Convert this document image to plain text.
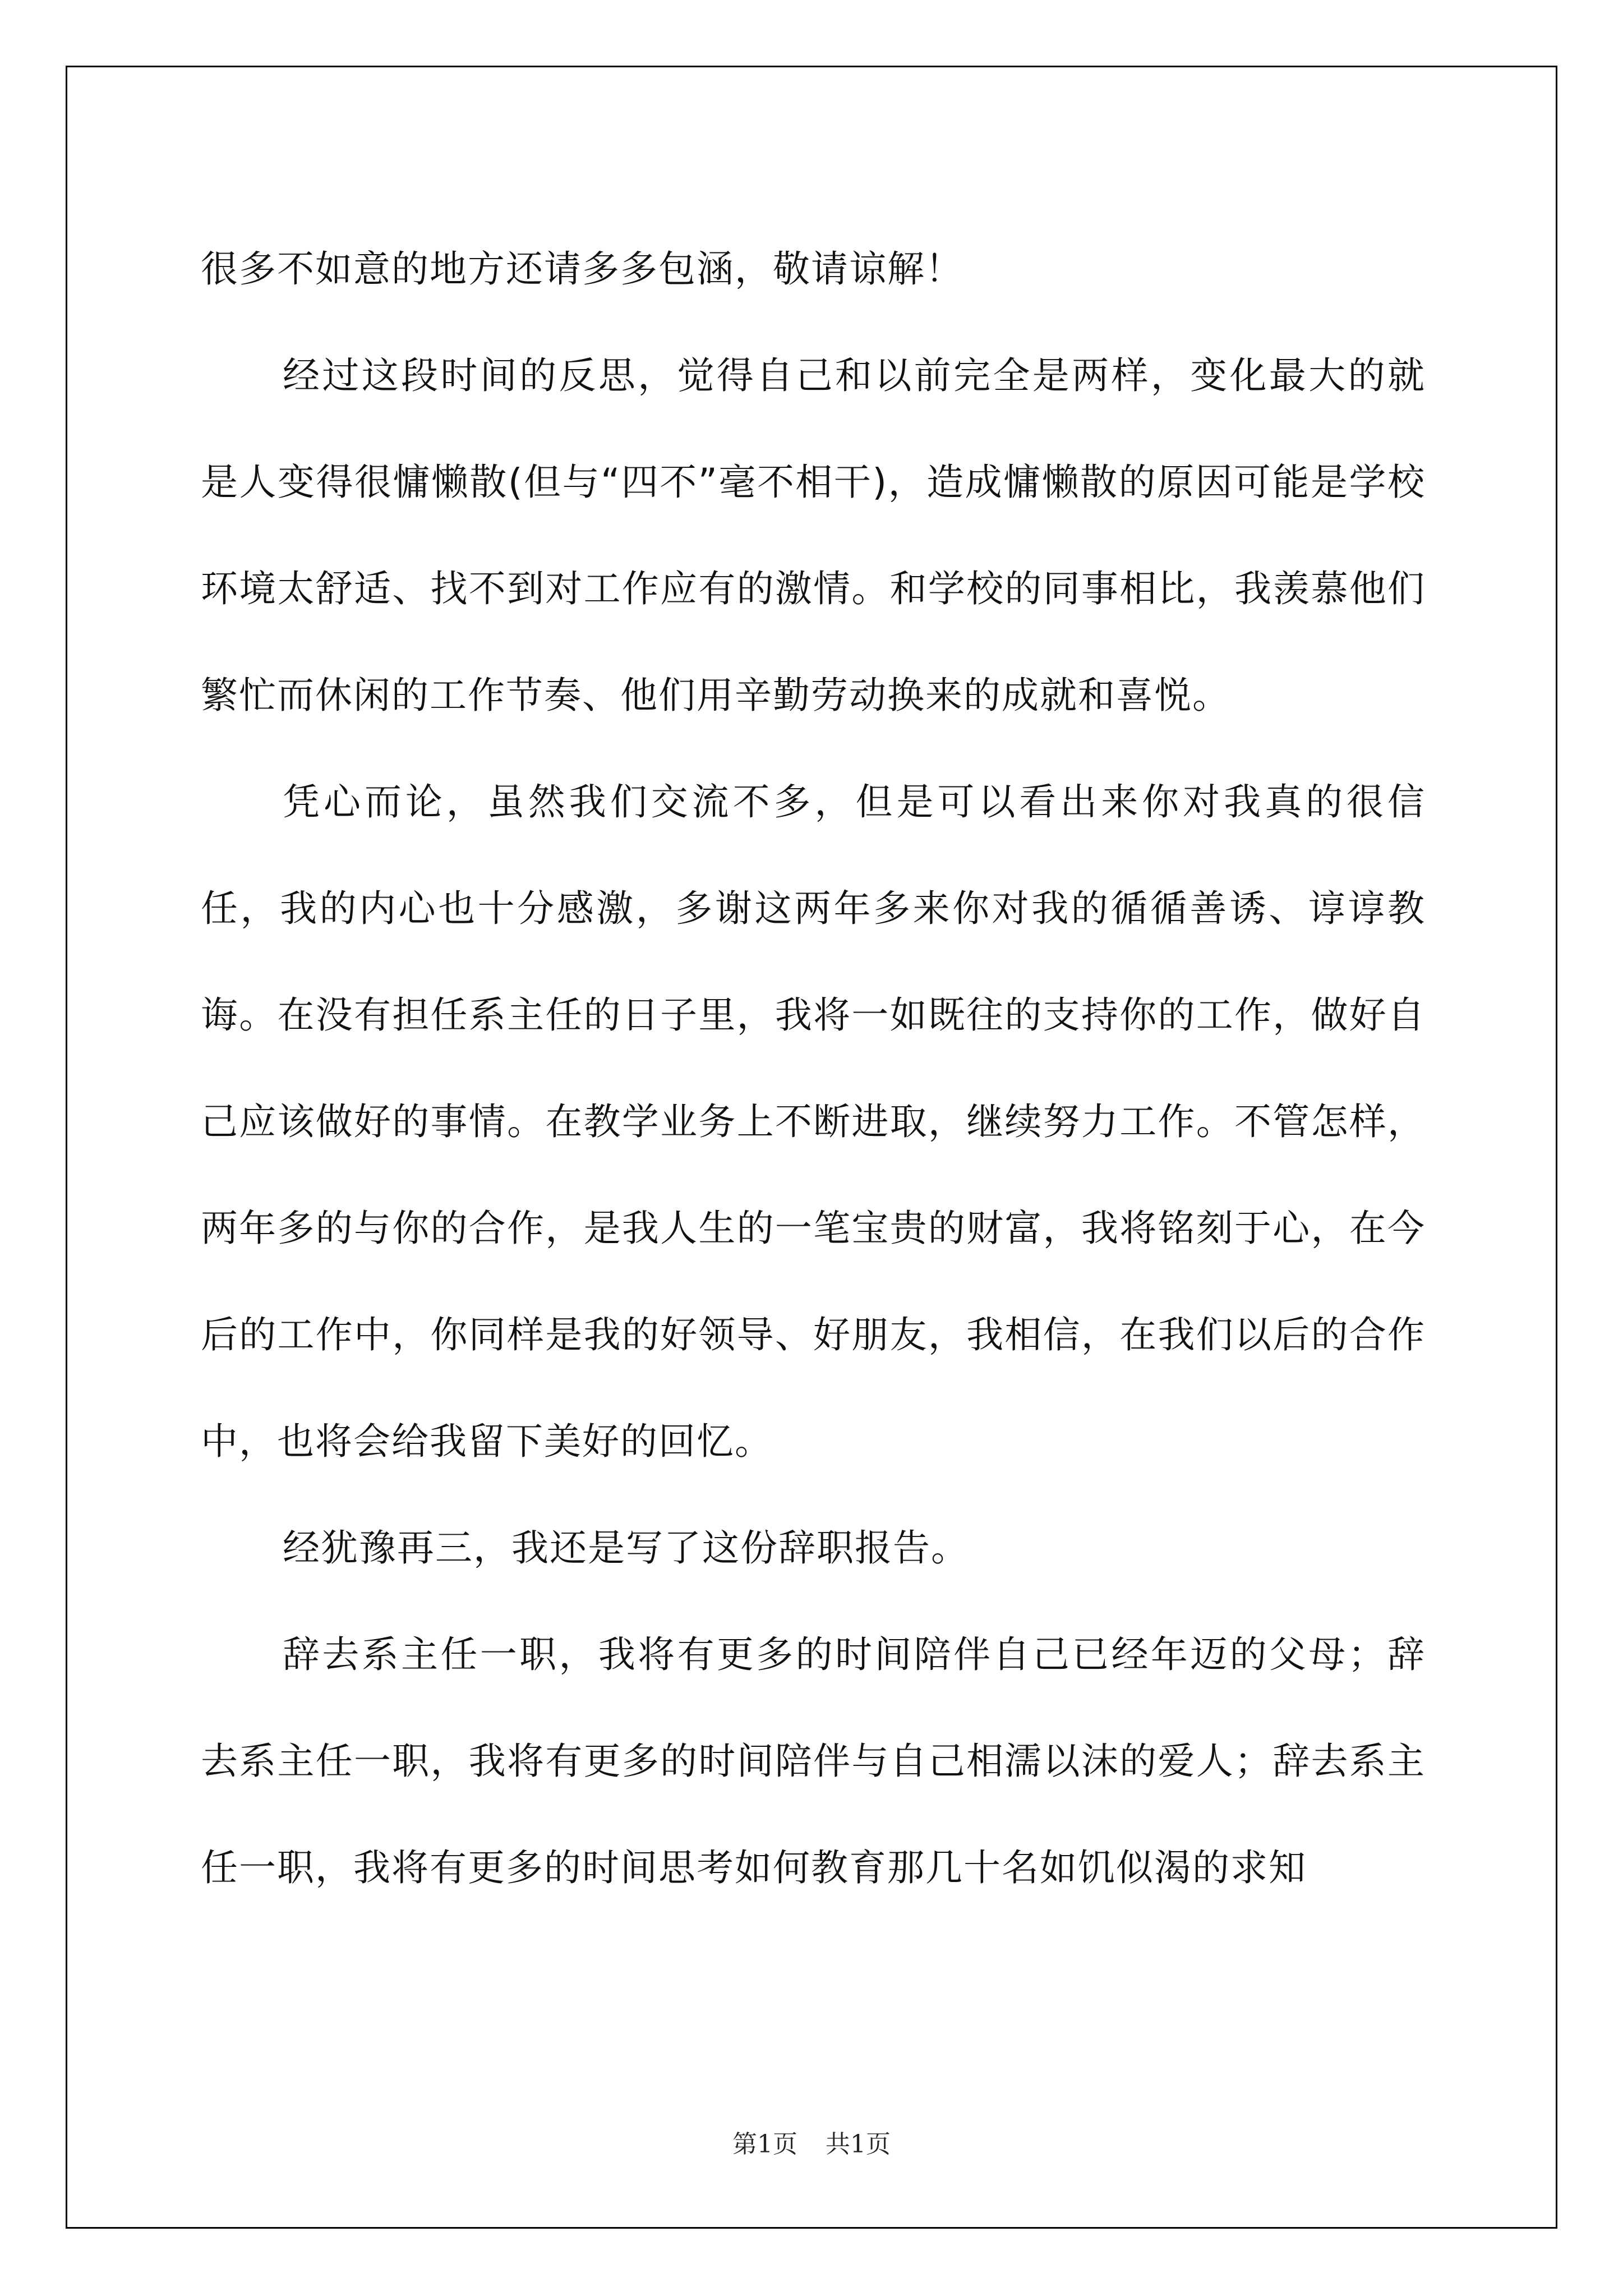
很多不如意的地方还请多多包涵，敬请谅解！

经过这段时间的反思，觉得自己和以前完全是两样，变化最大的就是人变得很慵懒散(但与“四不”毫不相干)，造成慵懒散的原因可能是学校环境太舒适、找不到对工作应有的激情。和学校的同事相比，我羡慕他们繁忙而休闲的工作节奏、他们用辛勤劳动换来的成就和喜悦。

凭心而论，虽然我们交流不多，但是可以看出来你对我真的很信任，我的内心也十分感激，多谢这两年多来你对我的循循善诱、谆谆教诲。在没有担任系主任的日子里，我将一如既往的支持你的工作，做好自己应该做好的事情。在教学业务上不断进取，继续努力工作。不管怎样，两年多的与你的合作，是我人生的一笔宝贵的财富，我将铭刻于心，在今后的工作中，你同样是我的好领导、好朋友，我相信，在我们以后的合作中，也将会给我留下美好的回忆。

经犹豫再三，我还是写了这份辞职报告。

辞去系主任一职，我将有更多的时间陪伴自己已经年迈的父母；辞去系主任一职，我将有更多的时间陪伴与自己相濡以沫的爱人；辞去系主任一职，我将有更多的时间思考如何教育那几十名如饥似渴的求知

第1页 共1页
